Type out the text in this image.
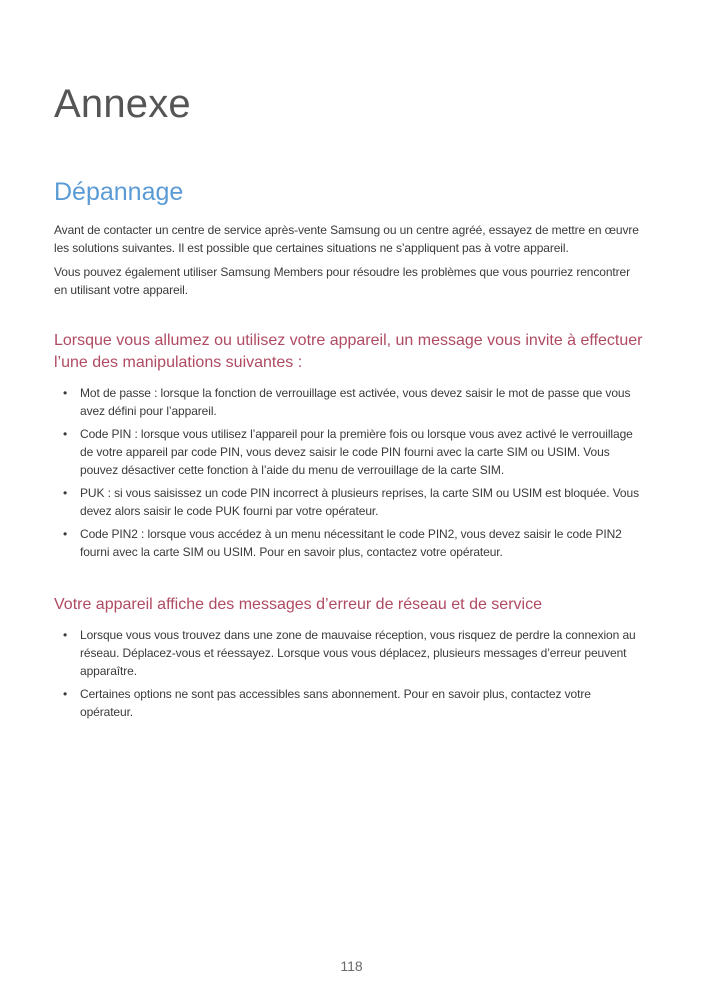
Annexe
Dépannage

Avant de contacter un centre de service après-vente Samsung ou un centre agréé, essayez de mettre en œuvre les solutions suivantes. Il est possible que certaines situations ne s’appliquent pas à votre appareil.

Vous pouvez également utiliser Samsung Members pour résoudre les problèmes que vous pourriez rencontrer en utilisant votre appareil.

Lorsque vous allumez ou utilisez votre appareil, un message vous invite à effectuer l’une des manipulations suivantes :
• Mot de passe : lorsque la fonction de verrouillage est activée, vous devez saisir le mot de passe que vous avez défini pour l’appareil.
• Code PIN : lorsque vous utilisez l’appareil pour la première fois ou lorsque vous avez activé le verrouillage de votre appareil par code PIN, vous devez saisir le code PIN fourni avec la carte SIM ou USIM. Vous pouvez désactiver cette fonction à l’aide du menu de verrouillage de la carte SIM.
• PUK : si vous saisissez un code PIN incorrect à plusieurs reprises, la carte SIM ou USIM est bloquée. Vous devez alors saisir le code PUK fourni par votre opérateur.
• Code PIN2 : lorsque vous accédez à un menu nécessitant le code PIN2, vous devez saisir le code PIN2 fourni avec la carte SIM ou USIM. Pour en savoir plus, contactez votre opérateur.
Votre appareil affiche des messages d’erreur de réseau et de service
• Lorsque vous vous trouvez dans une zone de mauvaise réception, vous risquez de perdre la connexion au réseau. Déplacez-vous et réessayez. Lorsque vous vous déplacez, plusieurs messages d’erreur peuvent apparaître.
• Certaines options ne sont pas accessibles sans abonnement. Pour en savoir plus, contactez votre opérateur.
118
